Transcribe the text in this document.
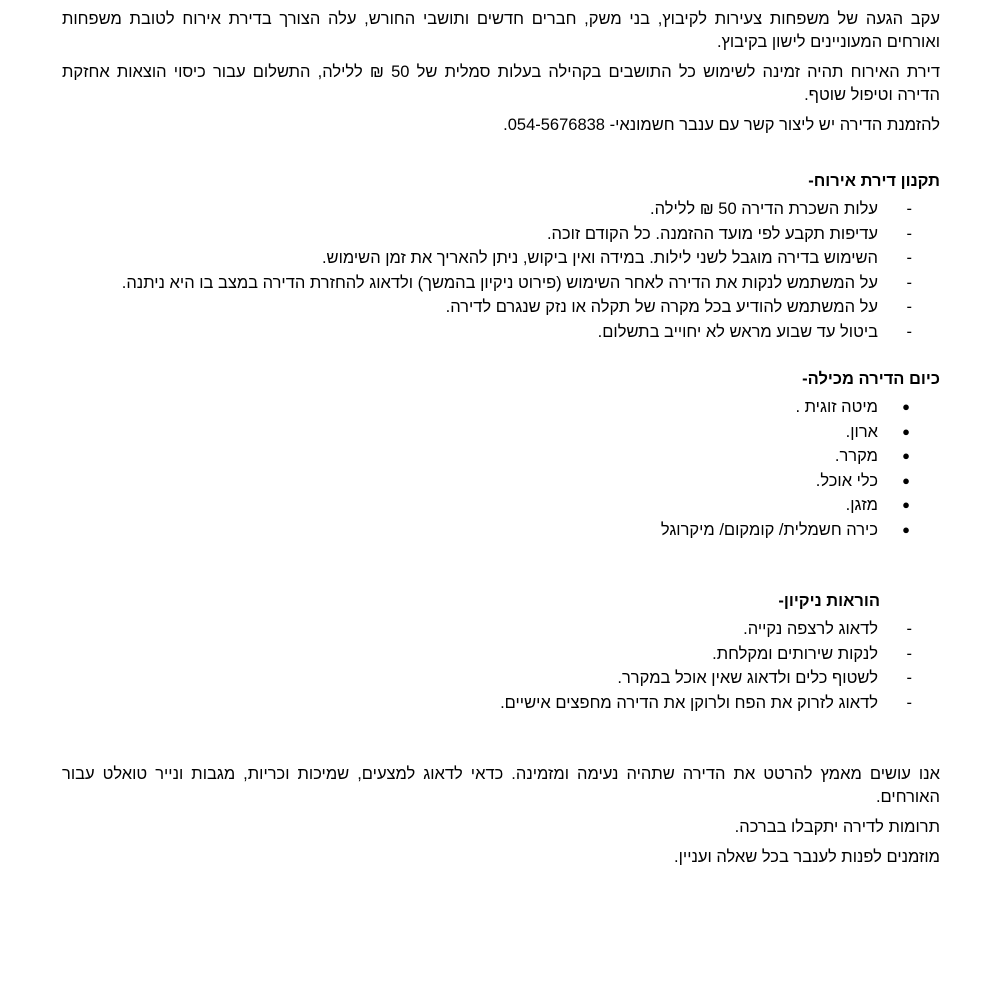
עקב הגעה של משפחות צעירות לקיבוץ, בני משק, חברים חדשים ותושבי החורש, עלה הצורך בדירת אירוח לטובת משפחות ואורחים המעוניינים לישון בקיבוץ.

דירת האירוח תהיה זמינה לשימוש כל התושבים בקהילה בעלות סמלית של 50 ₪ ללילה, התשלום עבור כיסוי הוצאות אחזקת הדירה וטיפול שוטף.

להזמנת הדירה יש ליצור קשר עם ענבר חשמונאי- 054-5676838.

תקנון דירת אירוח-
-
עלות השכרת הדירה 50 ₪ ללילה.
-
עדיפות תקבע לפי מועד ההזמנה. כל הקודם זוכה.
-
השימוש בדירה מוגבל לשני לילות. במידה ואין ביקוש, ניתן להאריך את זמן השימוש.
-
על המשתמש לנקות את הדירה לאחר השימוש (פירוט ניקיון בהמשך) ולדאוג להחזרת הדירה במצב בו היא ניתנה.
-
על המשתמש להודיע בכל מקרה של תקלה או נזק שנגרם לדירה.
-
ביטול עד שבוע מראש לא יחוייב בתשלום.
כיום הדירה מכילה-
●
מיטה זוגית .
●
ארון.
●
מקרר.
●
כלי אוכל.
●
מזגן.
●
כירה חשמלית/ קומקום/ מיקרוגל
הוראות ניקיון-
-
לדאוג לרצפה נקייה.
-
לנקות שירותים ומקלחת.
-
לשטוף כלים ולדאוג שאין אוכל במקרר.
-
לדאוג לזרוק את הפח ולרוקן את הדירה מחפצים אישיים.

אנו עושים מאמץ להרטט את הדירה שתהיה נעימה ומזמינה. כדאי לדאוג למצעים, שמיכות וכריות, מגבות ונייר טואלט עבור האורחים.

תרומות לדירה יתקבלו בברכה.

מוזמנים לפנות לענבר בכל שאלה ועניין.
